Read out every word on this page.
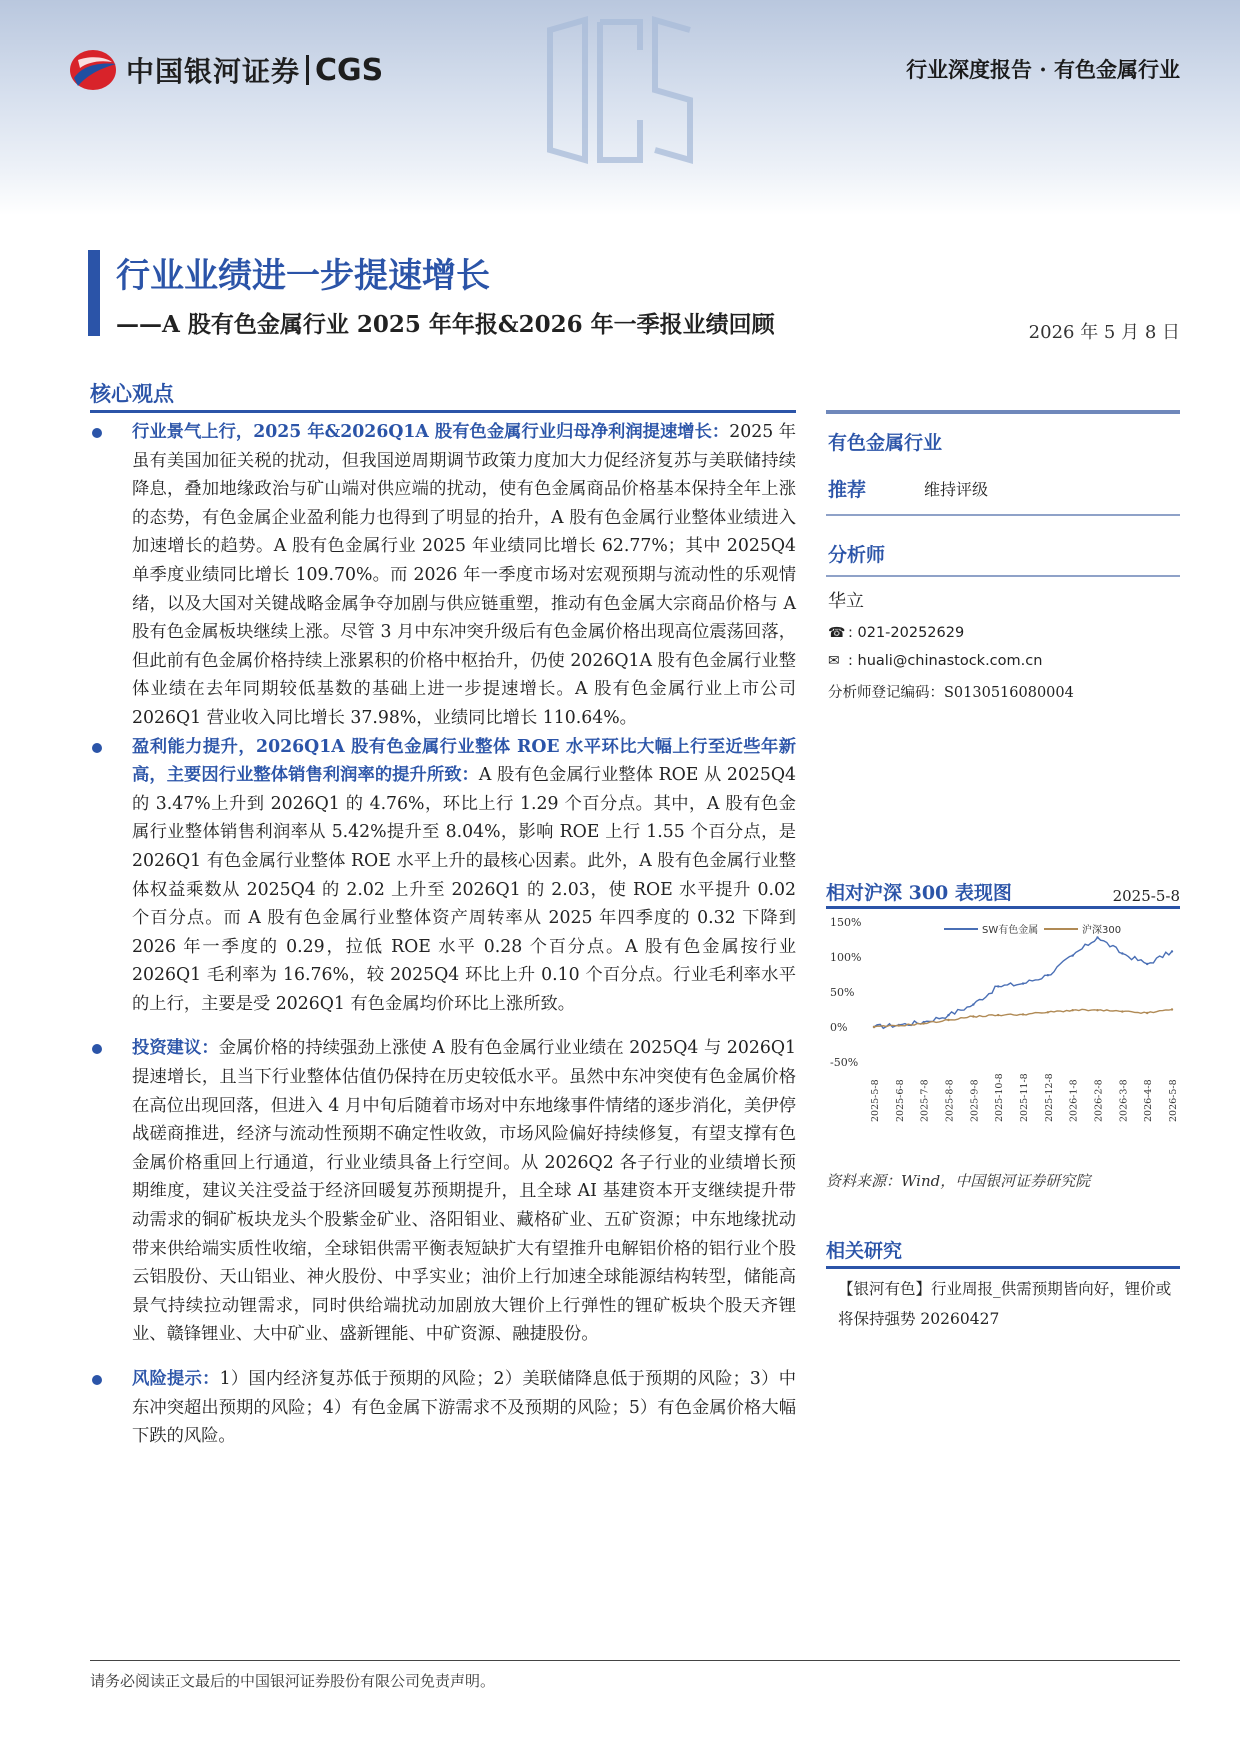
中国银河证券 CGS	行业深度报告 · 有色金属行业
行业业绩进一步提速增长
——A 股有色金属行业 2025 年年报&2026 年一季报业绩回顾	2026 年 5 月 8 日
核心观点
行业景气上行，2025 年&2026Q1A 股有色金属行业归母净利润提速增长：2025 年虽有美国加征关税的扰动，但我国逆周期调节政策力度加大力促经济复苏与美联储持续降息，叠加地缘政治与矿山端对供应端的扰动，使有色金属商品价格基本保持全年上涨的态势，有色金属企业盈利能力也得到了明显的抬升，A 股有色金属行业整体业绩进入加速增长的趋势。A 股有色金属行业 2025 年业绩同比增长 62.77%；其中 2025Q4 单季度业绩同比增长 109.70%。而 2026 年一季度市场对宏观预期与流动性的乐观情绪，以及大国对关键战略金属争夺加剧与供应链重塑，推动有色金属大宗商品价格与 A 股有色金属板块继续上涨。尽管 3 月中东冲突升级后有色金属价格出现高位震荡回落，但此前有色金属价格持续上涨累积的价格中枢抬升，仍使 2026Q1A 股有色金属行业整体业绩在去年同期较低基数的基础上进一步提速增长。A 股有色金属行业上市公司 2026Q1 营业收入同比增长 37.98%，业绩同比增长 110.64%。
盈利能力提升，2026Q1A 股有色金属行业整体 ROE 水平环比大幅上行至近些年新高，主要因行业整体销售利润率的提升所致：A 股有色金属行业整体 ROE 从 2025Q4 的 3.47%上升到 2026Q1 的 4.76%，环比上行 1.29 个百分点。其中，A 股有色金属行业整体销售利润率从 5.42%提升至 8.04%，影响 ROE 上行 1.55 个百分点，是 2026Q1 有色金属行业整体 ROE 水平上升的最核心因素。此外，A 股有色金属行业整体权益乘数从 2025Q4 的 2.02 上升至 2026Q1 的 2.03，使 ROE 水平提升 0.02 个百分点。而 A 股有色金属行业整体资产周转率从 2025 年四季度的 0.32 下降到 2026 年一季度的 0.29，拉低 ROE 水平 0.28 个百分点。A 股有色金属按行业 2026Q1 毛利率为 16.76%，较 2025Q4 环比上升 0.10 个百分点。行业毛利率水平的上行，主要是受 2026Q1 有色金属均价环比上涨所致。
投资建议：金属价格的持续强劲上涨使 A 股有色金属行业业绩在 2025Q4 与 2026Q1 提速增长，且当下行业整体估值仍保持在历史较低水平。虽然中东冲突使有色金属价格在高位出现回落，但进入 4 月中旬后随着市场对中东地缘事件情绪的逐步消化，美伊停战磋商推进，经济与流动性预期不确定性收敛，市场风险偏好持续修复，有望支撑有色金属价格重回上行通道，行业业绩具备上行空间。从 2026Q2 各子行业的业绩增长预期维度，建议关注受益于经济回暖复苏预期提升，且全球 AI 基建资本开支继续提升带动需求的铜矿板块龙头个股紫金矿业、洛阳钼业、藏格矿业、五矿资源；中东地缘扰动带来供给端实质性收缩，全球铝供需平衡表短缺扩大有望推升电解铝价格的铝行业个股云铝股份、天山铝业、神火股份、中孚实业；油价上行加速全球能源结构转型，储能高景气持续拉动锂需求，同时供给端扰动加剧放大锂价上行弹性的锂矿板块个股天齐锂业、赣锋锂业、大中矿业、盛新锂能、中矿资源、融捷股份。
风险提示：1）国内经济复苏低于预期的风险；2）美联储降息低于预期的风险；3）中东冲突超出预期的风险；4）有色金属下游需求不及预期的风险；5）有色金属价格大幅下跌的风险。
有色金属行业
推荐	维持评级
分析师
华立
☎ : 021-20252629
✉ : huali@chinastock.com.cn
分析师登记编码：S0130516080004
相对沪深 300 表现图	2025-5-8
150%
100%
50%
0%
-50%
2025-5-8 2025-6-8 2025-7-8 2025-8-8 2025-9-8 2025-10-8 2025-11-8 2025-12-8 2026-1-8 2026-2-8 2026-3-8 2026-4-8 2026-5-8
SW有色金属	沪深300
资料来源：Wind，中国银河证券研究院
相关研究
【银河有色】行业周报_供需预期皆向好，锂价或将保持强势 20260427
请务必阅读正文最后的中国银河证券股份有限公司免责声明。
